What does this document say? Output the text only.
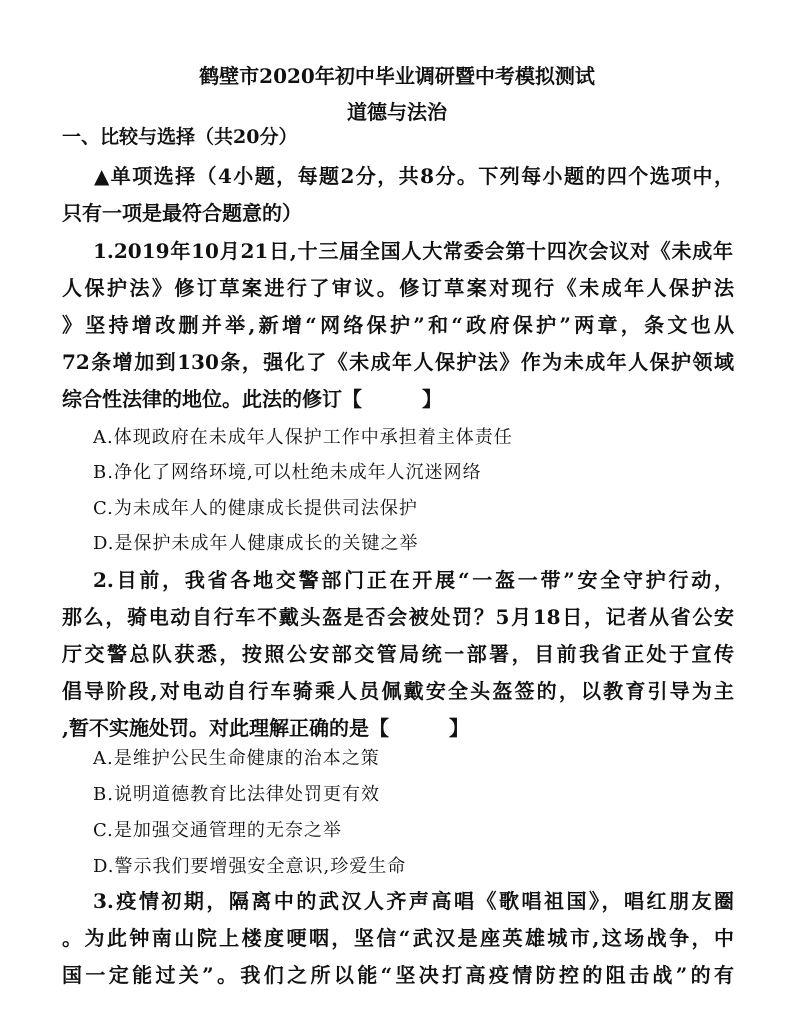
鹤壁市2020年初中毕业调研暨中考模拟测试
道德与法治
一、比较与选择（共20分）
▲单项选择（4小题，每题2分，共8分。下列每小题的四个选项中，
只有一项是最符合题意的）
1.2019年10月21日,十三届全国人大常委会第十四次会议对《未成年
人保护法》修订草案进行了审议。修订草案对现行《未成年人保护法
》坚持增改删并举,新增“网络保护”和“政府保护”两章，条文也从
72条增加到130条，强化了《未成年人保护法》作为未成年人保护领域
综合性法律的地位。此法的修订【　　　】
A.体现政府在未成年人保护工作中承担着主体责任
B.净化了网络环境,可以杜绝未成年人沉迷网络
C.为未成年人的健康成长提供司法保护
D.是保护未成年人健康成长的关键之举
2.目前，我省各地交警部门正在开展“一盔一带”安全守护行动，
那么，骑电动自行车不戴头盔是否会被处罚？5月18日，记者从省公安
厅交警总队获悉，按照公安部交管局统一部署，目前我省正处于宣传
倡导阶段,对电动自行车骑乘人员佩戴安全头盔签的，以教育引导为主
,暂不实施处罚。对此理解正确的是【　　　】
A.是维护公民生命健康的治本之策
B.说明道德教育比法律处罚更有效
C.是加强交通管理的无奈之举
D.警示我们要增强安全意识,珍爱生命
3.疫情初期，隔离中的武汉人齐声高唱《歌唱祖国》，唱红朋友圈
。为此钟南山院上楼度哽咽，坚信“武汉是座英雄城市,这场战争，中
国一定能过关”。我们之所以能“坚决打高疫情防控的阻击战”的有
